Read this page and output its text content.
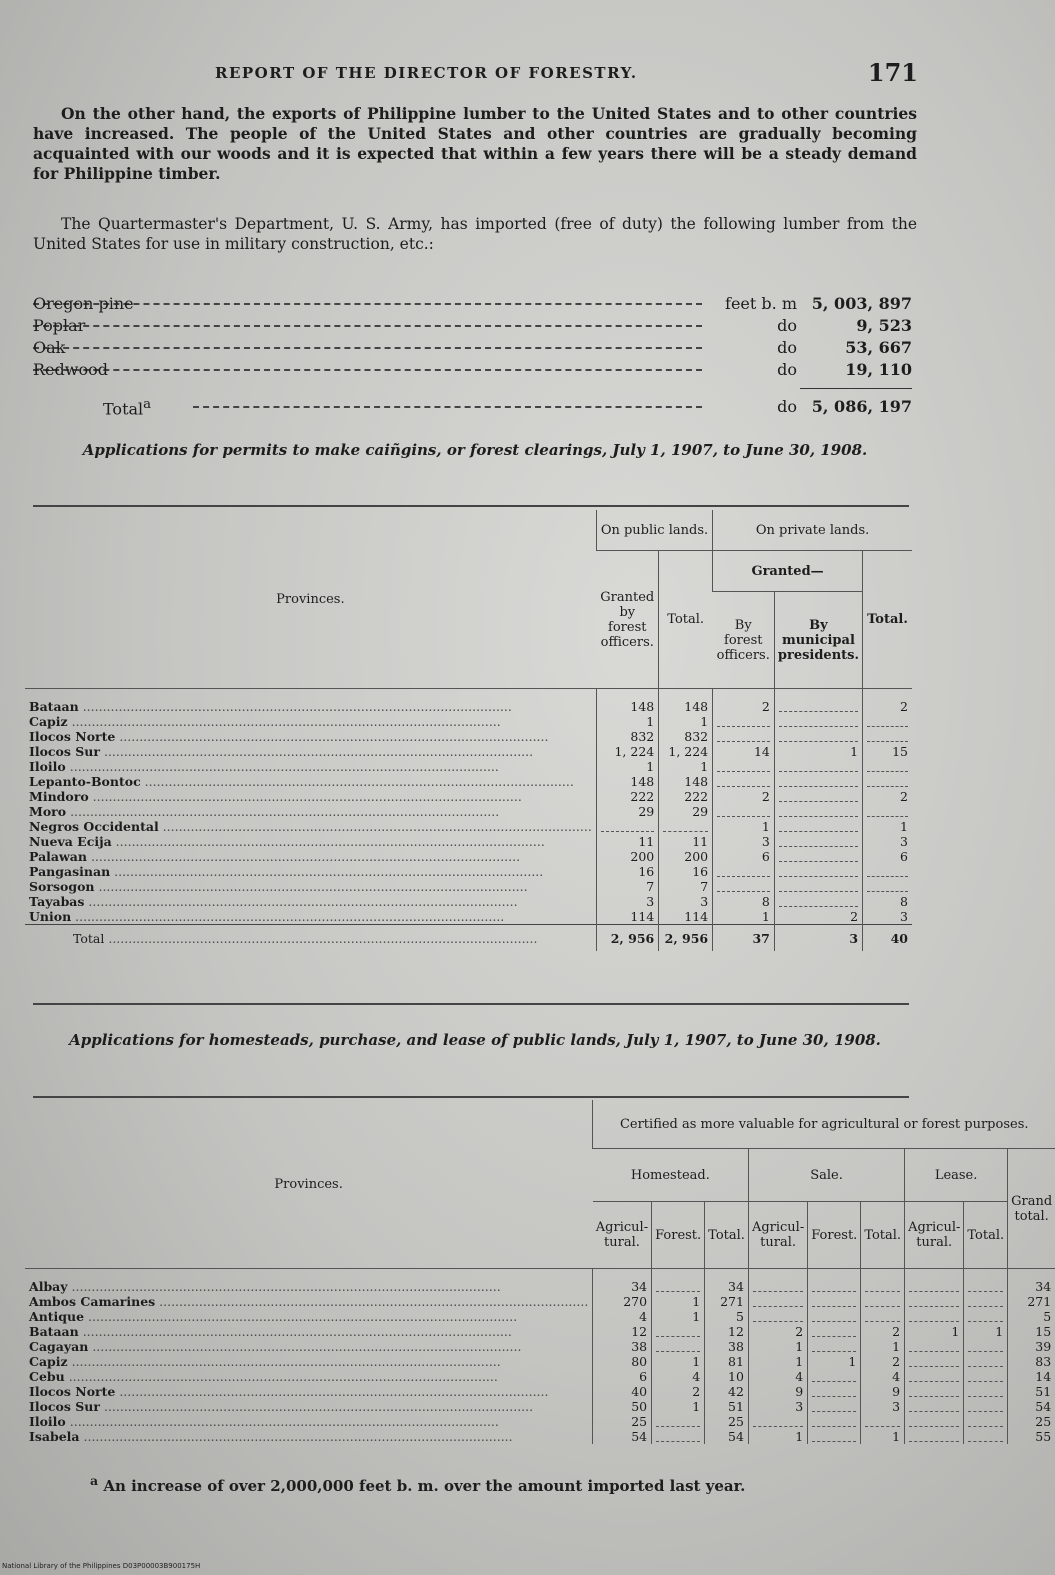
REPORT OF THE DIRECTOR OF FORESTRY.	171

On the other hand, the exports of Philippine lumber to the United States and to other countries have increased. The people of the United States and other countries are gradually becoming acquainted with our woods and it is expected that within a few years there will be a steady demand for Philippine timber.

The Quartermaster's Department, U. S. Army, has imported (free of duty) the following lumber from the United States for use in military construction, etc.:

Oregon pine	feet b. m 5, 003, 897
Poplar	do	9, 523
Oak	do	53, 667
Redwood	do	19, 110
Total$^a$	do 5, 086, 197
Applications for permits to make caiñgins, or forest clearings, July 1, 1907, to June 30, 1908.
Provinces.	On public lands.		On private lands.		
	Granted by forest officers.	Total.	Granted—		Total.
			By forest officers.	By municipal presidents.	

Bataan .....	148	148	2		2
Capiz .....	1	1			
Ilocos Norte .....	832	832			
Ilocos Sur .....	1, 224	1, 224	14	1	15
Iloilo .....	1	1			
Lepanto-Bontoc .....	148	148			
Mindoro .....	222	222	2		2
Moro .....	29	29			
Negros Occidental .....			1		1
Nueva Ecija .....	11	11	3		3
Palawan .....	200	200	6		6
Pangasinan .....	16	16			
Sorsogon .....	7	7			
Tayabas .....	3	3	8		8
Union .....	114	114	1	2	3
Total .....	2, 956	2, 956	37	3	40
Applications for homesteads, purchase, and lease of public lands, July 1, 1907, to June 30, 1908.
Provinces.	Certified as more valuable for agricultural or forest purposes.								
	Homestead.			Sale.			Lease.		Grand total.
	Agricul- tural.	Forest.	Total.	Agricul- tural.	Forest.	Total.	Agricul- tural.	Total.	

Albay .....	34		34						34
Ambos Camarines .....	270	1	271						271
Antique .....	4	1	5						5
Bataan .....	12		12	2		2	1	1	15
Cagayan .....	38		38	1		1			39
Capiz .....	80	1	81	1	1	2			83
Cebu .....	6	4	10	4		4			14
Ilocos Norte .....	40	2	42	9		9			51
Ilocos Sur .....	50	1	51	3		3			54
Iloilo .....	25		25						25
Isabela .....	54		54	1		1			55
$^a$ An increase of over 2,000,000 feet b. m. over the amount imported last year.
National Library of the Philippines D03P00003B900175H
